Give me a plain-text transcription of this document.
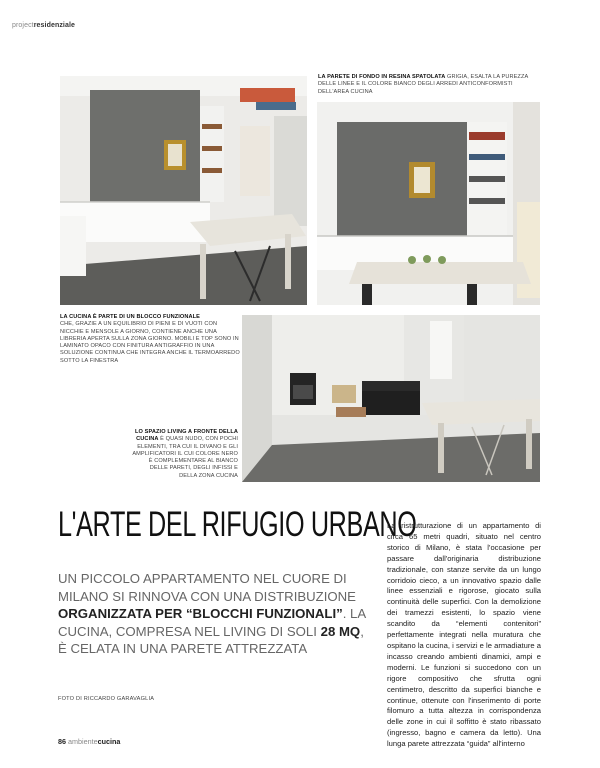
projectresidenziale
LA CUCINA È PARTE DI UN BLOCCO FUNZIONALE
CHE, GRAZIE A UN EQUILIBRIO DI PIENI E DI VUOTI CON NICCHIE E MENSOLE A GIORNO, CONTIENE ANCHE UNA LIBRERIA APERTA SULLA ZONA GIORNO. MOBILI E TOP SONO IN LAMINATO OPACO CON FINITURA ANTIGRAFFIO IN UNA SOLUZIONE CONTINUA CHE INTEGRA ANCHE IL TERMOARREDO SOTTO LA FINESTRA
LA PARETE DI FONDO IN RESINA SPATOLATA GRIGIA, ESALTA LA PUREZZA DELLE LINEE E IL COLORE BIANCO DEGLI ARREDI ANTICONFORMISTI DELL'AREA CUCINA
LO SPAZIO LIVING A FRONTE DELLA CUCINA È QUASI NUDO, CON POCHI ELEMENTI, TRA CUI IL DIVANO E GLI AMPLIFICATORI IL CUI COLORE NERO È COMPLEMENTARE AL BIANCO DELLE PARETI, DEGLI INFISSI E DELLA ZONA CUCINA
L'ARTE DEL RIFUGIO URBANO
UN PICCOLO APPARTAMENTO NEL CUORE DI MILANO SI RINNOVA CON UNA DISTRIBUZIONE ORGANIZZATA PER “BLOCCHI FUNZIONALI”. LA CUCINA, COMPRESA NEL LIVING DI SOLI 28 MQ, È CELATA IN UNA PARETE ATTREZZATA
FOTO DI RICCARDO GARAVAGLIA
La ristrutturazione di un appartamento di circa 65 metri quadri, situato nel centro storico di Milano, è stata l'occasione per passare dall'originaria distribuzione tradizionale, con stanze servite da un lungo corridoio cieco, a un innovativo spazio dalle linee essenziali e rigorose, giocato sulla continuità delle superfici. Con la demolizione dei tramezzi esistenti, lo spazio viene scandito da “elementi contenitori” perfettamente integrati nella muratura che ospitano la cucina, i servizi e le armadiature a incasso creando ambienti dinamici, ampi e moderni. Le funzioni si succedono con un rigore compositivo che sfrutta ogni centimetro, descritto da superfici bianche e continue, ottenute con l'inserimento di porte filomuro a tutta altezza in corrispondenza delle zone in cui il soffitto è stato ribassato (ingresso, bagno e camera da letto). Una lunga parete attrezzata “guida” all'interno
86 ambientecucina
